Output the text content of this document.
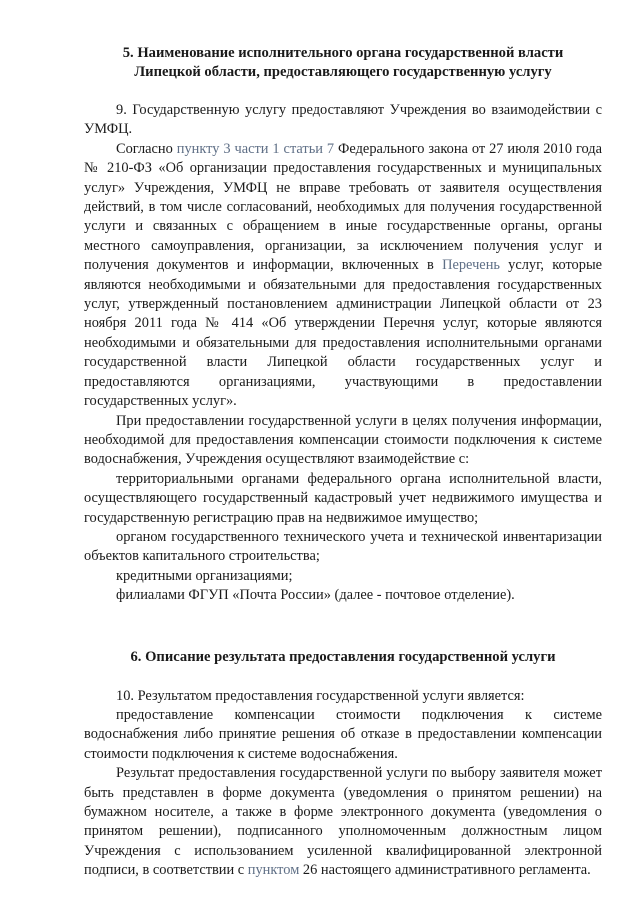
5. Наименование исполнительного органа государственной власти Липецкой области, предоставляющего государственную услугу

9. Государственную услугу предоставляют Учреждения во взаимодействии с УМФЦ.

Согласно пункту 3 части 1 статьи 7 Федерального закона от 27 июля 2010 года № 210-ФЗ «Об организации предоставления государственных и муниципальных услуг» Учреждения, УМФЦ не вправе требовать от заявителя осуществления действий, в том числе согласований, необходимых для получения государственной услуги и связанных с обращением в иные государственные органы, органы местного самоуправления, организации, за исключением получения услуг и получения документов и информации, включенных в Перечень услуг, которые являются необходимыми и обязательными для предоставления государственных услуг, утвержденный постановлением администрации Липецкой области от 23 ноября 2011 года № 414 «Об утверждении Перечня услуг, которые являются необходимыми и обязательными для предоставления исполнительными органами государственной власти Липецкой области государственных услуг и предоставляются организациями, участвующими в предоставлении государственных услуг».

При предоставлении государственной услуги в целях получения информации, необходимой для предоставления компенсации стоимости подключения к системе водоснабжения, Учреждения осуществляют взаимодействие с:

территориальными органами федерального органа исполнительной власти, осуществляющего государственный кадастровый учет недвижимого имущества и государственную регистрацию прав на недвижимое имущество;

органом государственного технического учета и технической инвентаризации объектов капитального строительства;

кредитными организациями;

филиалами ФГУП «Почта России» (далее - почтовое отделение).

6. Описание результата предоставления государственной услуги

10. Результатом предоставления государственной услуги является:

предоставление компенсации стоимости подключения к системе водоснабжения либо принятие решения об отказе в предоставлении компенсации стоимости подключения к системе водоснабжения.

Результат предоставления государственной услуги по выбору заявителя может быть представлен в форме документа (уведомления о принятом решении) на бумажном носителе, а также в форме электронного документа (уведомления о принятом решении), подписанного уполномоченным должностным лицом Учреждения с использованием усиленной квалифицированной электронной подписи, в соответствии с пунктом 26 настоящего административного регламента.
